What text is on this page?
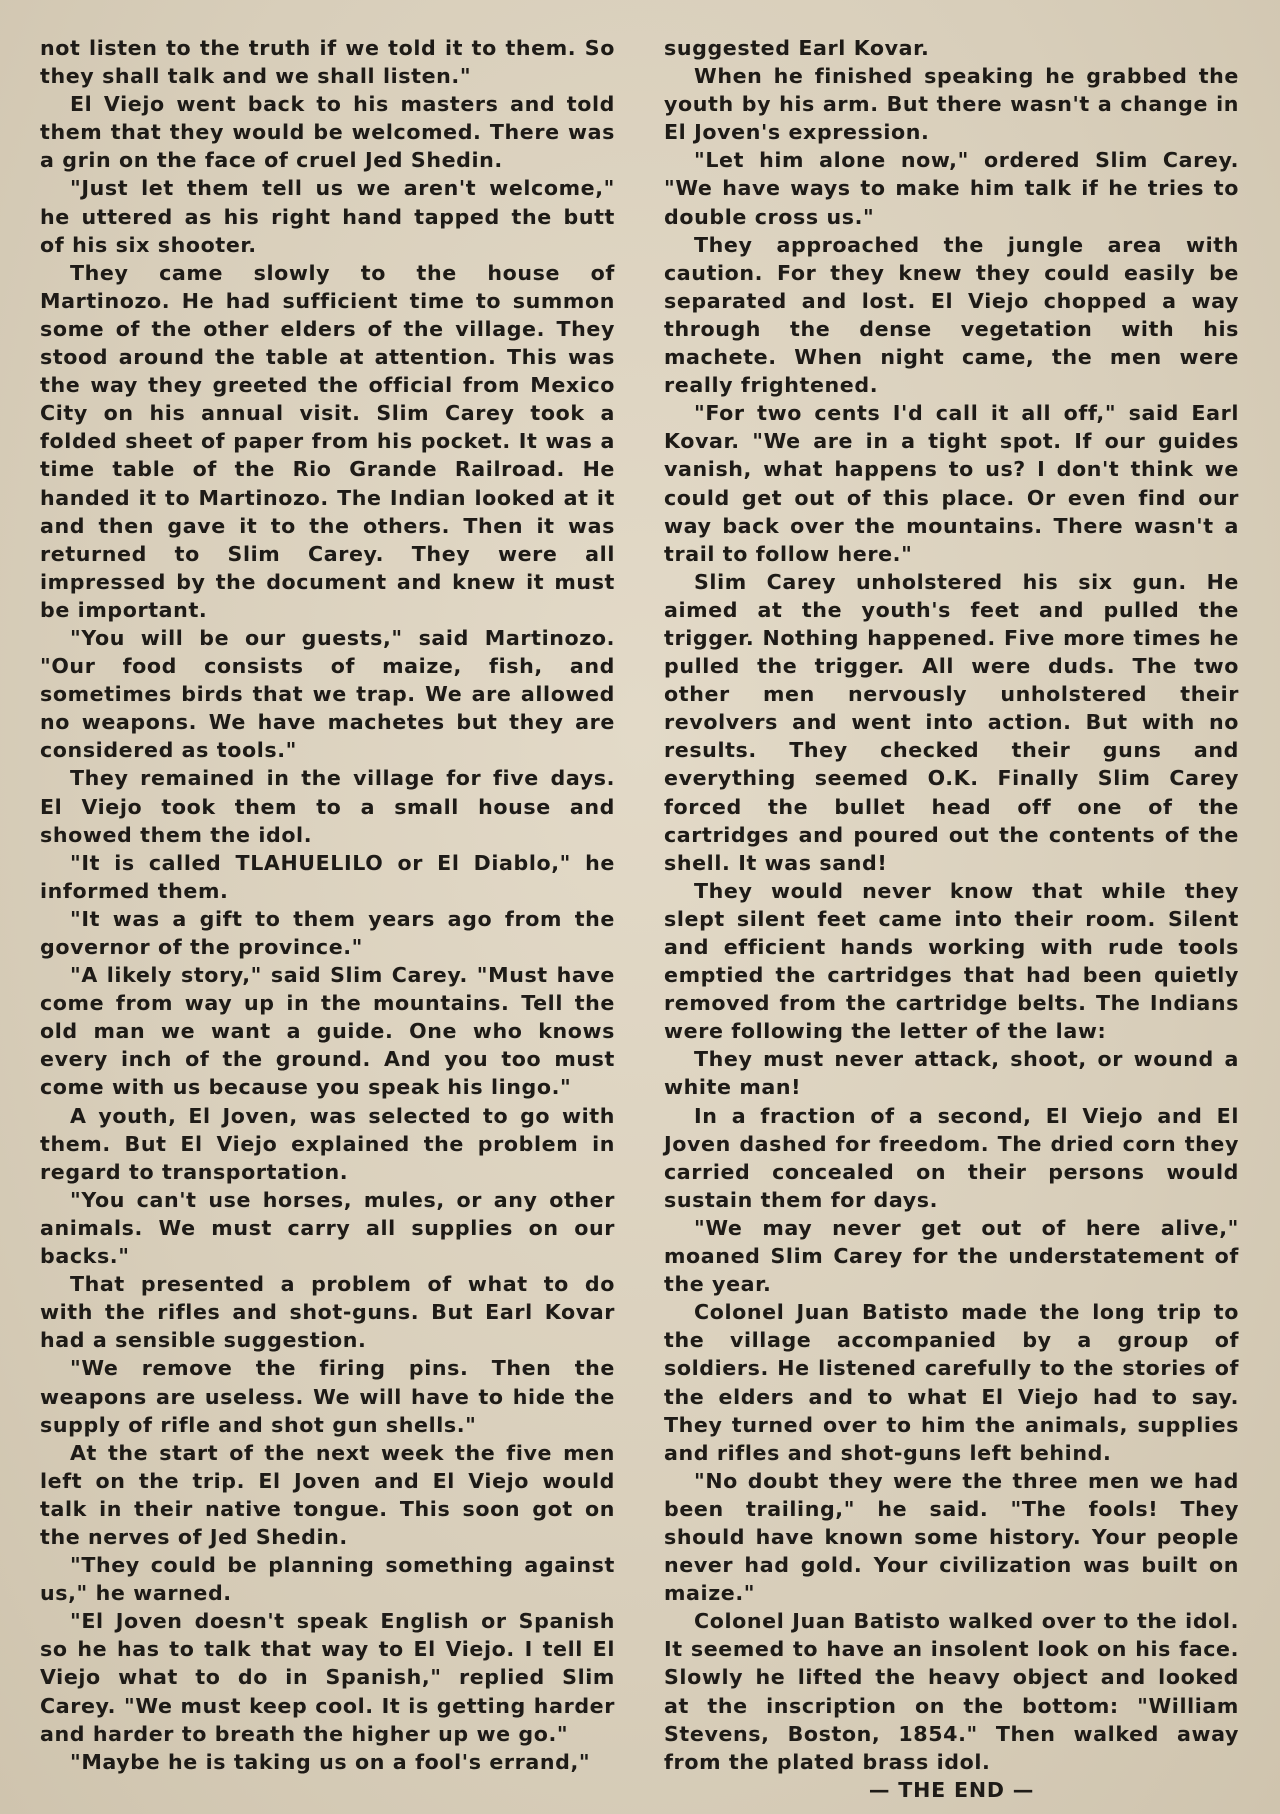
not listen to the truth if we told it to them. So they shall talk and we shall listen."

El Viejo went back to his masters and told them that they would be welcomed. There was a grin on the face of cruel Jed Shedin.

"Just let them tell us we aren't welcome," he uttered as his right hand tapped the butt of his six shooter.

They came slowly to the house of Martinozo. He had sufficient time to summon some of the other elders of the village. They stood around the table at attention. This was the way they greeted the official from Mexico City on his annual visit. Slim Carey took a folded sheet of paper from his pocket. It was a time table of the Rio Grande Railroad. He handed it to Martinozo. The Indian looked at it and then gave it to the others. Then it was returned to Slim Carey. They were all impressed by the document and knew it must be important.

"You will be our guests," said Martinozo. "Our food consists of maize, fish, and sometimes birds that we trap. We are allowed no weapons. We have machetes but they are considered as tools."

They remained in the village for five days. El Viejo took them to a small house and showed them the idol.

"It is called TLAHUELILO or El Diablo," he informed them.

"It was a gift to them years ago from the governor of the province."

"A likely story," said Slim Carey. "Must have come from way up in the mountains. Tell the old man we want a guide. One who knows every inch of the ground. And you too must come with us because you speak his lingo."

A youth, El Joven, was selected to go with them. But El Viejo explained the problem in regard to transportation.

"You can't use horses, mules, or any other animals. We must carry all supplies on our backs."

That presented a problem of what to do with the rifles and shot-guns. But Earl Kovar had a sensible suggestion.

"We remove the firing pins. Then the weapons are useless. We will have to hide the supply of rifle and shot gun shells."

At the start of the next week the five men left on the trip. El Joven and El Viejo would talk in their native tongue. This soon got on the nerves of Jed Shedin.

"They could be planning something against us," he warned.

"El Joven doesn't speak English or Spanish so he has to talk that way to El Viejo. I tell El Viejo what to do in Spanish," replied Slim Carey. "We must keep cool. It is getting harder and harder to breath the higher up we go."

"Maybe he is taking us on a fool's errand,"

suggested Earl Kovar.

When he finished speaking he grabbed the youth by his arm. But there wasn't a change in El Joven's expression.

"Let him alone now," ordered Slim Carey. "We have ways to make him talk if he tries to double cross us."

They approached the jungle area with caution. For they knew they could easily be separated and lost. El Viejo chopped a way through the dense vegetation with his machete. When night came, the men were really frightened.

"For two cents I'd call it all off," said Earl Kovar. "We are in a tight spot. If our guides vanish, what happens to us? I don't think we could get out of this place. Or even find our way back over the mountains. There wasn't a trail to follow here."

Slim Carey unholstered his six gun. He aimed at the youth's feet and pulled the trigger. Nothing happened. Five more times he pulled the trigger. All were duds. The two other men nervously unholstered their revolvers and went into action. But with no results. They checked their guns and everything seemed O.K. Finally Slim Carey forced the bullet head off one of the cartridges and poured out the contents of the shell. It was sand!

They would never know that while they slept silent feet came into their room. Silent and efficient hands working with rude tools emptied the cartridges that had been quietly removed from the cartridge belts. The Indians were following the letter of the law:

They must never attack, shoot, or wound a white man!

In a fraction of a second, El Viejo and El Joven dashed for freedom. The dried corn they carried concealed on their persons would sustain them for days.

"We may never get out of here alive," moaned Slim Carey for the understatement of the year.

Colonel Juan Batisto made the long trip to the village accompanied by a group of soldiers. He listened carefully to the stories of the elders and to what El Viejo had to say. They turned over to him the animals, supplies and rifles and shot-guns left behind.

"No doubt they were the three men we had been trailing," he said. "The fools! They should have known some history. Your people never had gold. Your civilization was built on maize."

Colonel Juan Batisto walked over to the idol. It seemed to have an insolent look on his face. Slowly he lifted the heavy object and looked at the inscription on the bottom: "William Stevens, Boston, 1854." Then walked away from the plated brass idol.

— THE END —
